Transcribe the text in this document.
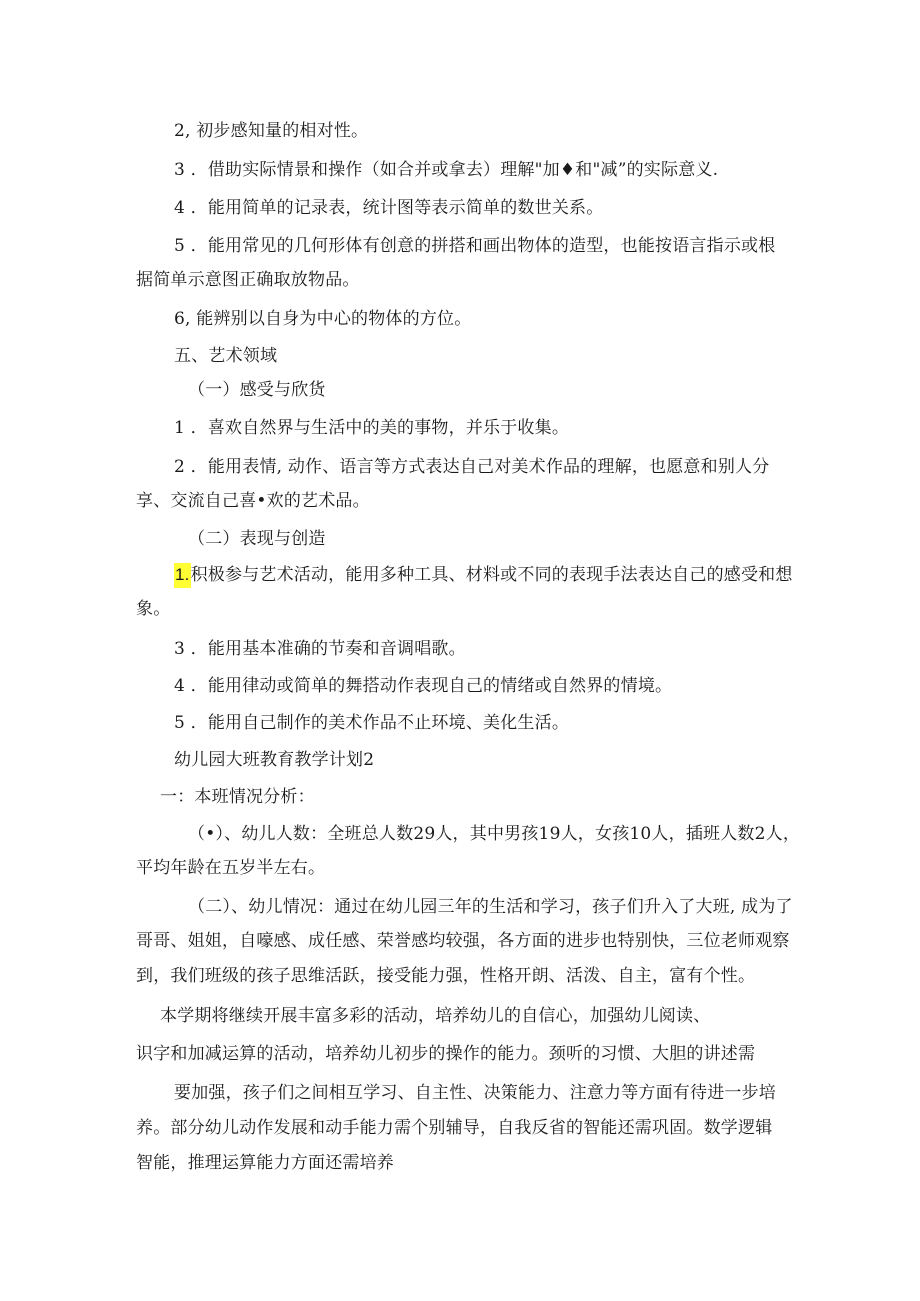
2, 初步感知量的相对性。
3 ．借助实际情景和操作（如合并或拿去）理解"加♦和"减”的实际意义.
4 ．能用简单的记录表，统计图等表示简单的数世关系。
5 ．能用常见的几何形体有创意的拼搭和画出物体的造型，也能按语言指示或根
据简单示意图正确取放物品。
6, 能辨别以自身为中心的物体的方位。
五、艺术领域
（一）感受与欣货
1 ．喜欢自然界与生活中的美的事物，并乐于收集。
2 ．能用表情, 动作、语言等方式表达自己对美术作品的理解，也愿意和别人分
享、交流自己喜•欢的艺术品。
（二）表现与创造
1.积极参与艺术活动，能用多种工具、材料或不同的表现手法表达自己的感受和想
象。
3 ．能用基本准确的节奏和音调唱歌。
4 ．能用律动或简单的舞搭动作表现自己的情绪或自然界的情境。
5 ．能用自己制作的美术作品不止环境、美化生活。
幼儿园大班教育教学计划2
一：本班情况分析：
（•）、幼儿人数：全班总人数29人，其中男孩19人，女孩10人，插班人数2人，
平均年龄在五岁半左右。
（二）、幼儿情况：通过在幼儿园三年的生活和学习，孩子们升入了大班, 成为了
哥哥、姐姐，自嚎感、成任感、荣誉感均较强，各方面的进步也特别快，三位老师观察
到，我们班级的孩子思维活跃，接受能力强，性格开朗、活泼、自主，富有个性。
本学期将继续开展丰富多彩的活动，培养幼儿的自信心，加强幼儿阅读、
识字和加减运算的活动，培养幼儿初步的操作的能力。颈听的习惯、大胆的讲述需
要加强，孩子们之间相互学习、自主性、决策能力、注意力等方面有待进一步培
养。部分幼儿动作发展和动手能力需个别辅导，自我反省的智能还需巩固。数学逻辑
智能，推理运算能力方面还需培养
